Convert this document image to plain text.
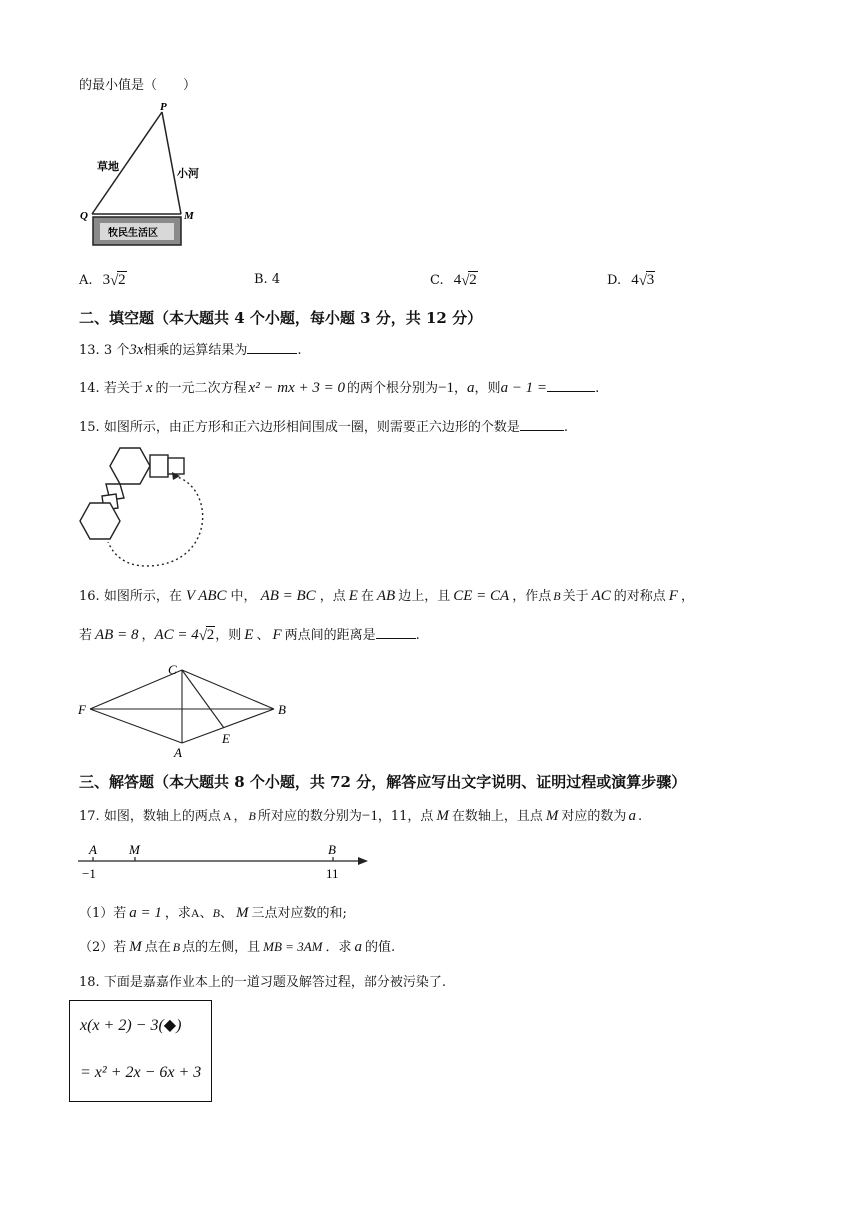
的最小值是（　　）
P
Q	M
草地
小河
牧民生活区
A. 3 √ 2	B. 4	C. 4 √ 2	D. 4 √ 3
二、填空题（本大题共 4 个小题，每小题 3 分，共 12 分）
13. 3 个3x相乘的运算结果为	.
14. 若关于 x 的一元二次方程 x² − mx + 3 = 0 的两个根分别为−1，a，则a − 1 =	.
15. 如图所示，由正方形和正六边形相间围成一圈，则需要正六边形的个数是	.
16. 如图所示，在 V ABC 中， AB = BC ，点 E 在 AB 边上，且 CE = CA ，作点 B 关于 AC 的对称点 F ，
若 AB = 8 ，AC = 4 √ 2，则 E 、 F 两点间的距离是	.
C
F	B
A
E
三、解答题（本大题共 8 个小题，共 72 分，解答应写出文字说明、证明过程或演算步骤）
17. 如图，数轴上的两点 A ， B 所对应的数分别为−1，11，点 M 在数轴上，且点 M 对应的数为 a .
A M	B
−1	11
（1）若 a = 1 ，求A、B、 M 三点对应数的和;
（2）若 M 点在 B 点的左侧，且 MB = 3AM ．求 a 的值.
18. 下面是嘉嘉作业本上的一道习题及解答过程，部分被污染了.
x(x + 2) − 3(◆)
= x² + 2x − 6x + 3
